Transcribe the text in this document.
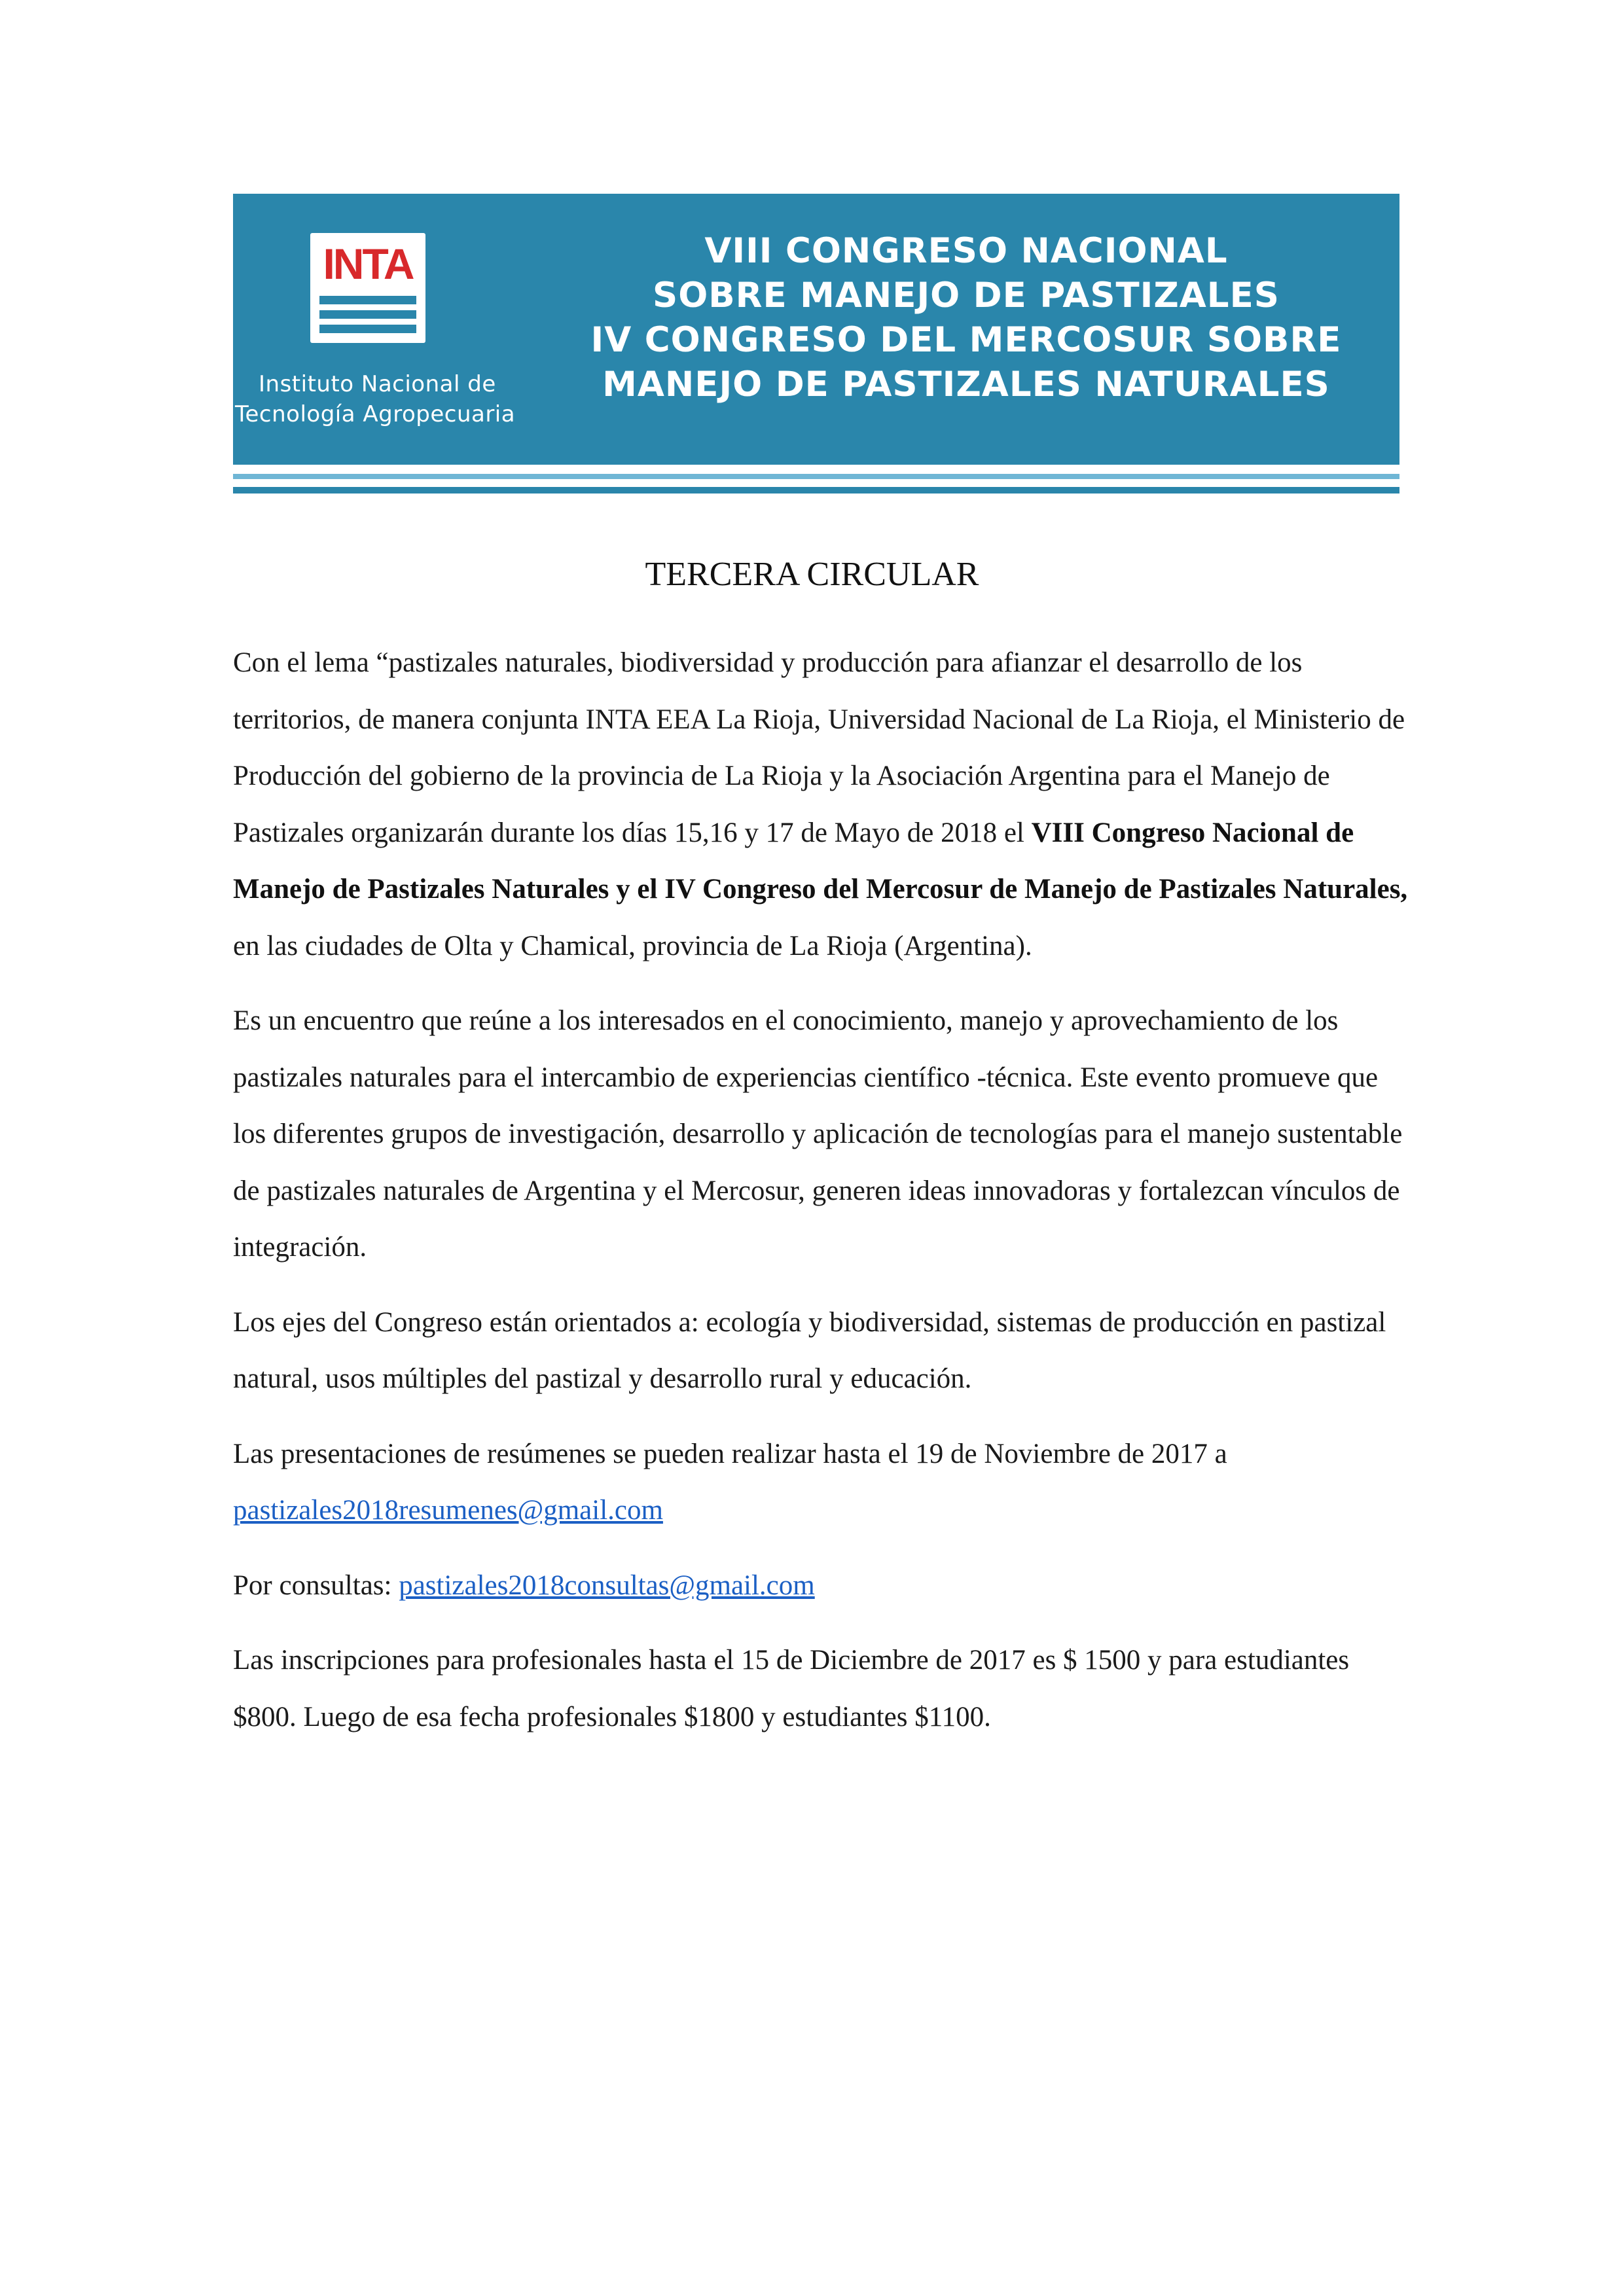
INTA
Instituto Nacional de
Tecnología Agropecuaria
VIII CONGRESO NACIONAL
SOBRE MANEJO DE PASTIZALES
IV CONGRESO DEL MERCOSUR SOBRE
MANEJO DE PASTIZALES NATURALES
TERCERA CIRCULAR

Con el lema “pastizales naturales, biodiversidad y producción para afianzar el desarrollo de los territorios, de manera conjunta INTA EEA La Rioja, Universidad Nacional de La Rioja, el Ministerio de Producción del gobierno de la provincia de La Rioja y la Asociación Argentina para el Manejo de Pastizales organizarán durante los días 15,16 y 17 de Mayo de 2018 el VIII Congreso Nacional de Manejo de Pastizales Naturales y el IV Congreso del Mercosur de Manejo de Pastizales Naturales, en las ciudades de Olta y Chamical, provincia de La Rioja (Argentina).

Es un encuentro que reúne a los interesados en el conocimiento, manejo y aprovechamiento de los pastizales naturales para el intercambio de experiencias científico -técnica. Este evento promueve que los diferentes grupos de investigación, desarrollo y aplicación de tecnologías para el manejo sustentable de pastizales naturales de Argentina y el Mercosur, generen ideas innovadoras y fortalezcan vínculos de integración.

Los ejes del Congreso están orientados a: ecología y biodiversidad, sistemas de producción en pastizal natural, usos múltiples del pastizal y desarrollo rural y educación.

Las presentaciones de resúmenes se pueden realizar hasta el 19 de Noviembre de 2017 a
pastizales2018resumenes@gmail.com

Por consultas: pastizales2018consultas@gmail.com

Las inscripciones para profesionales hasta el 15 de Diciembre de 2017 es $ 1500 y para estudiantes $800. Luego de esa fecha profesionales $1800 y estudiantes $1100.
